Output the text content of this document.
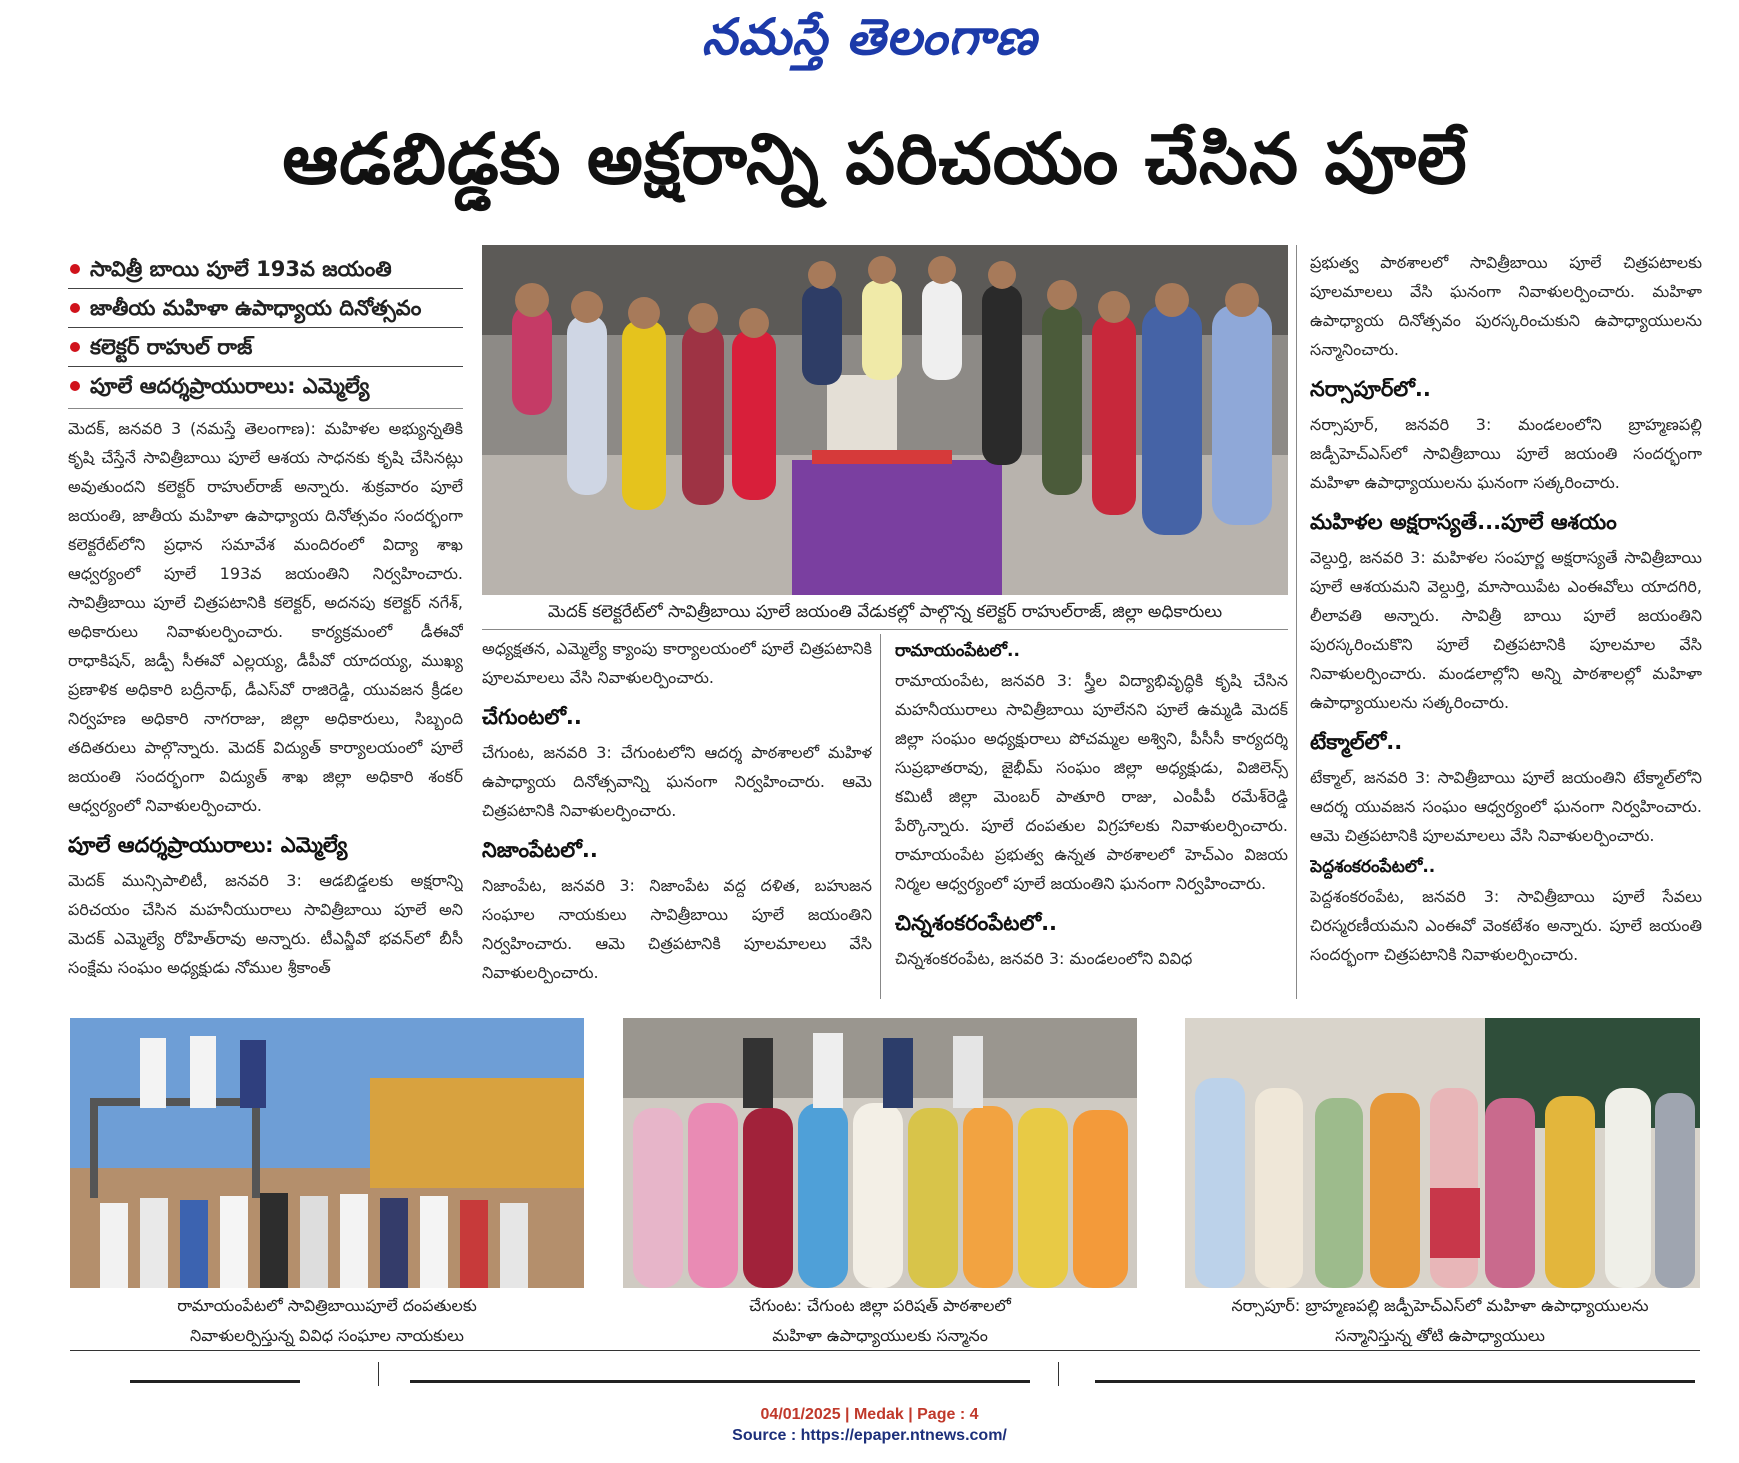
నమస్తే తెలంగాణ
ఆడబిడ్డకు అక్షరాన్ని పరిచయం చేసిన పూలే
సావిత్రీ బాయి పూలే 193వ జయంతి
జాతీయ మహిళా ఉపాధ్యాయ దినోత్సవం
కలెక్టర్ రాహుల్ రాజ్
పూలే ఆదర్శప్రాయురాలు: ఎమ్మెల్యే

మెదక్, జనవరి 3 (నమస్తే తెలంగాణ): మహిళల అభ్యున్నతికి కృషి చేస్తేనే సావిత్రీబాయి పూలే ఆశయ సాధనకు కృషి చేసినట్లు అవుతుందని కలెక్టర్ రాహుల్‌రాజ్ అన్నారు. శుక్రవారం పూలే జయంతి, జాతీయ మహిళా ఉపాధ్యాయ దినోత్సవం సందర్భంగా కలెక్టరేట్‌లోని ప్రధాన సమావేశ మందిరంలో విద్యా శాఖ ఆధ్వర్యంలో పూలే 193వ జయంతిని నిర్వహించారు. సావిత్రీబాయి పూలే చిత్రపటానికి కలెక్టర్, అదనపు కలెక్టర్ నగేశ్, అధికారులు నివాళులర్పించారు. కార్యక్రమంలో డీఈవో రాధాకిషన్, జడ్పీ సీఈవో ఎల్లయ్య, డీపీవో యాదయ్య, ముఖ్య ప్రణాళిక అధికారి బద్రీనాథ్, డీఎస్‌వో రాజిరెడ్డి, యువజన క్రీడల నిర్వహణ అధికారి నాగరాజు, జిల్లా అధికారులు, సిబ్బంది తదితరులు పాల్గొన్నారు. మెదక్ విద్యుత్ కార్యాలయంలో పూలే జయంతి సందర్భంగా విద్యుత్ శాఖ జిల్లా అధికారి శంకర్ ఆధ్వర్యంలో నివాళులర్పించారు.

పూలే ఆదర్శప్రాయురాలు: ఎమ్మెల్యే

మెదక్ మున్సిపాలిటీ, జనవరి 3: ఆడబిడ్డలకు అక్షరాన్ని పరిచయం చేసిన మహనీయురాలు సావిత్రీబాయి పూలే అని మెదక్ ఎమ్మెల్యే రోహిత్‌రావు అన్నారు. టీఎన్జీవో భవన్‌లో బీసీ సంక్షేమ సంఘం అధ్యక్షుడు నోముల శ్రీకాంత్

మెదక్ కలెక్టరేట్‌లో సావిత్రీబాయి పూలే జయంతి వేడుకల్లో పాల్గొన్న కలెక్టర్ రాహుల్‌రాజ్, జిల్లా అధికారులు

అధ్యక్షతన, ఎమ్మెల్యే క్యాంపు కార్యాలయంలో పూలే చిత్రపటానికి పూలమాలలు వేసి నివాళులర్పించారు.

చేగుంటలో..

చేగుంట, జనవరి 3: చేగుంటలోని ఆదర్శ పాఠశాలలో మహిళ ఉపాధ్యాయ దినోత్సవాన్ని ఘనంగా నిర్వహించారు. ఆమె చిత్రపటానికి నివాళులర్పించారు.

నిజాంపేటలో..

నిజాంపేట, జనవరి 3: నిజాంపేట వద్ద దళిత, బహుజన సంఘాల నాయకులు సావిత్రీబాయి పూలే జయంతిని నిర్వహించారు. ఆమె చిత్రపటానికి పూలమాలలు వేసి నివాళులర్పించారు.

రామాయంపేటలో..

రామాయంపేట, జనవరి 3: స్త్రీల విద్యాభివృద్ధికి కృషి చేసిన మహనీయురాలు సావిత్రీబాయి పూలేనని పూలే ఉమ్మడి మెదక్ జిల్లా సంఘం అధ్యక్షురాలు పోచమ్మల అశ్విని, పీసీసీ కార్యదర్శి సుప్రభాతరావు, జైభీమ్ సంఘం జిల్లా అధ్యక్షుడు, విజిలెన్స్ కమిటీ జిల్లా మెంబర్ పాతూరి రాజు, ఎంపీపీ రమేశ్‌రెడ్డి పేర్కొన్నారు. పూలే దంపతుల విగ్రహాలకు నివాళులర్పించారు. రామాయంపేట ప్రభుత్వ ఉన్నత పాఠశాలలో హెచ్‌ఎం విజయ నిర్మల ఆధ్వర్యంలో పూలే జయంతిని ఘనంగా నిర్వహించారు.

చిన్నశంకరంపేటలో..

చిన్నశంకరంపేట, జనవరి 3: మండలంలోని వివిధ

ప్రభుత్వ పాఠశాలలో సావిత్రీబాయి పూలే చిత్రపటాలకు పూలమాలలు వేసి ఘనంగా నివాళులర్పించారు. మహిళా ఉపాధ్యాయ దినోత్సవం పురస్కరించుకుని ఉపాధ్యాయులను సన్మానించారు.

నర్సాపూర్‌లో..

నర్సాపూర్, జనవరి 3: మండలంలోని బ్రాహ్మణపల్లి జడ్పీహెచ్‌ఎస్‌లో సావిత్రీబాయి పూలే జయంతి సందర్భంగా మహిళా ఉపాధ్యాయులను ఘనంగా సత్కరించారు.

మహిళల అక్షరాస్యతే...పూలే ఆశయం

వెల్దుర్తి, జనవరి 3: మహిళల సంపూర్ణ అక్షరాస్యతే సావిత్రీబాయి పూలే ఆశయమని వెల్దుర్తి, మాసాయిపేట ఎంఈవోలు యాదగిరి, లీలావతి అన్నారు. సావిత్రీ బాయి పూలే జయంతిని పురస్కరించుకొని పూలే చిత్రపటానికి పూలమాల వేసి నివాళులర్పించారు. మండలాల్లోని అన్ని పాఠశాలల్లో మహిళా ఉపాధ్యాయులను సత్కరించారు.

టేక్మాల్‌లో..

టేక్మాల్, జనవరి 3: సావిత్రీబాయి పూలే జయంతిని టేక్మాల్‌లోని ఆదర్శ యువజన సంఘం ఆధ్వర్యంలో ఘనంగా నిర్వహించారు. ఆమె చిత్రపటానికి పూలమాలలు వేసి నివాళులర్పించారు.

పెద్దశంకరంపేటలో..

పెద్దశంకరంపేట, జనవరి 3: సావిత్రీబాయి పూలే సేవలు చిరస్మరణీయమని ఎంఈవో వెంకటేశం అన్నారు. పూలే జయంతి సందర్భంగా చిత్రపటానికి నివాళులర్పించారు.

రామాయంపేటలో సావిత్రిబాయిపూలే దంపతులకు
నివాళులర్పిస్తున్న వివిధ సంఘాల నాయకులు
చేగుంట: చేగుంట జిల్లా పరిషత్ పాఠశాలలో
మహిళా ఉపాధ్యాయులకు సన్మానం
నర్సాపూర్: బ్రాహ్మణపల్లి జడ్పీహెచ్‌ఎస్‌లో మహిళా ఉపాధ్యాయులను
సన్మానిస్తున్న తోటి ఉపాధ్యాయులు
04/01/2025 | Medak | Page : 4
Source : https://epaper.ntnews.com/
